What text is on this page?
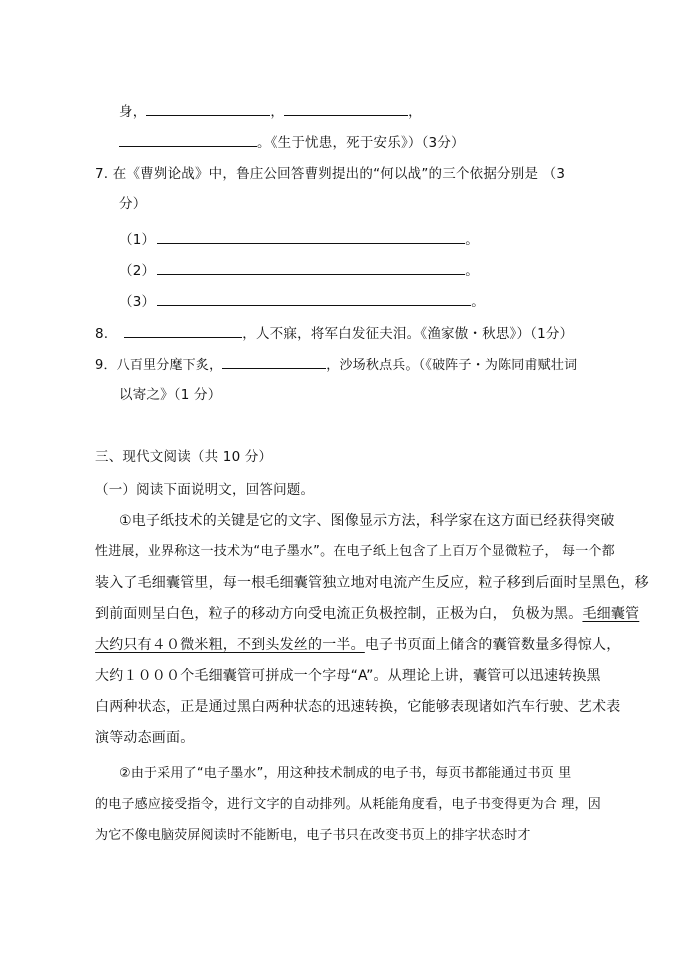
身，	，	，
。《生于忧患，死于安乐》）（3分）
7. 在《曹刿论战》中，鲁庄公回答曹刿提出的“何以战”的三个依据分别是 （3
分）
（1）	。
（2）	。
（3）	。
8.	，人不寐，将军白发征夫泪。《渔家傲・秋思》）（1分）
9．八百里分麾下炙，	，沙场秋点兵。（《破阵子・为陈同甫赋壮词
以寄之》（1 分）
三、现代文阅读（共 10 分）
（一）阅读下面说明文，回答问题。
①电子纸技术的关键是它的文字、图像显示方法，科学家在这方面已经获得突破
性进展，业界称这一技术为“电子墨水”。在电子纸上包含了上百万个显微粒子， 每一个都
装入了毛细囊管里，每一根毛细囊管独立地对电流产生反应，粒子移到后面时呈黑色，移
到前面则呈白色，粒子的移动方向受电流正负极控制，正极为白， 负极为黑。毛细囊管
大约只有４０微米粗，不到头发丝的一半。电子书页面上储含的囊管数量多得惊人，
大约１０００个毛细囊管可拼成一个字母“A”。从理论上讲，囊管可以迅速转换黑
白两种状态，正是通过黑白两种状态的迅速转换，它能够表现诸如汽车行驶、艺术表
演等动态画面。
②由于采用了“电子墨水”，用这种技术制成的电子书，每页书都能通过书页 里
的电子感应接受指令，进行文字的自动排列。从耗能角度看，电子书变得更为合 理，因
为它不像电脑荧屏阅读时不能断电，电子书只在改变书页上的排字状态时才
